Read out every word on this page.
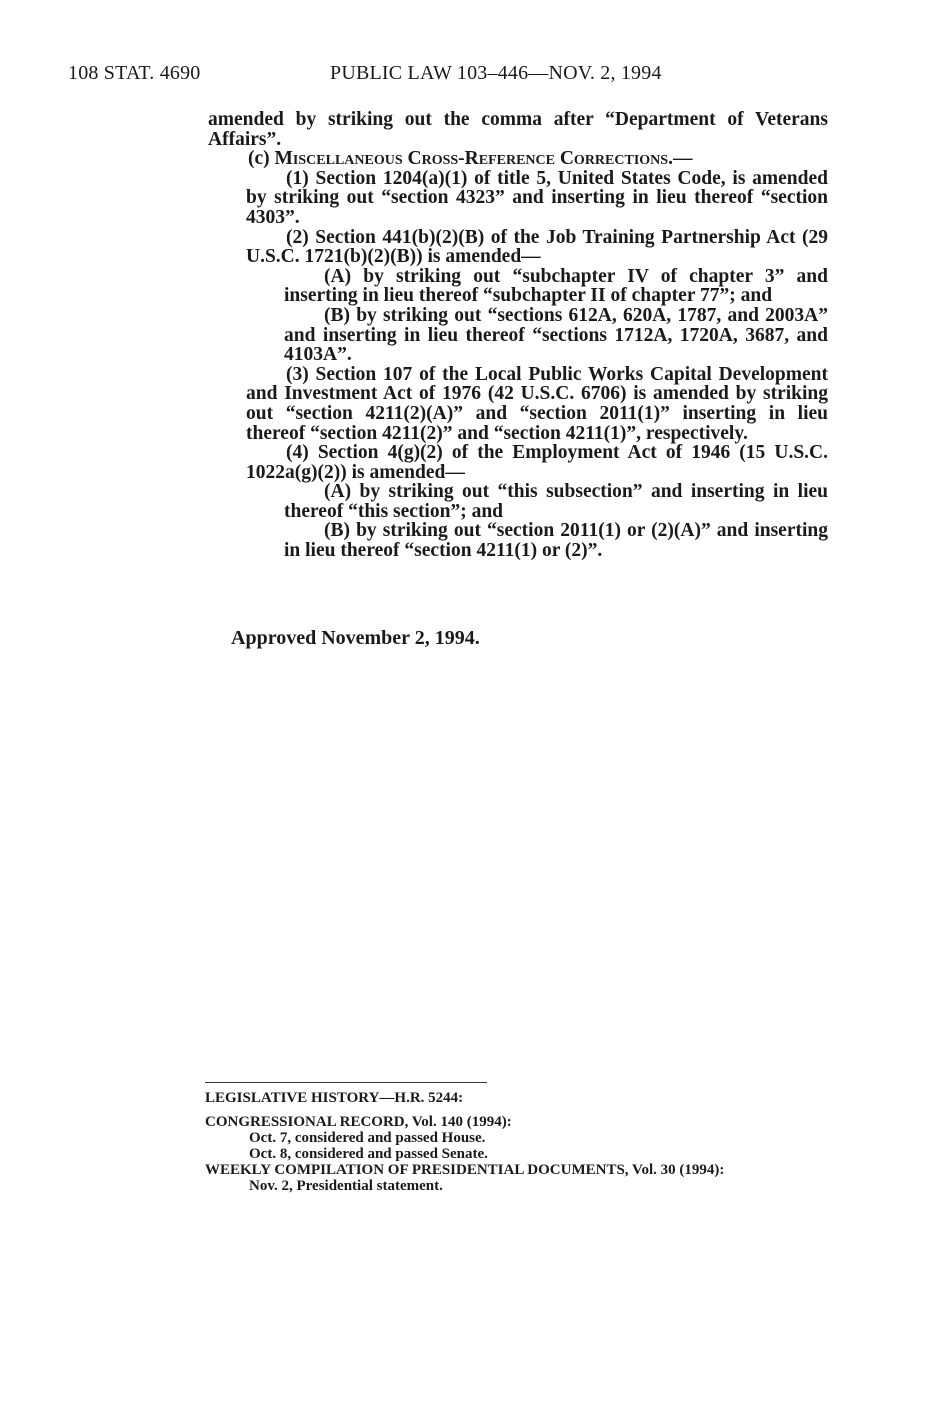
108 STAT. 4690	PUBLIC LAW 103–446—NOV. 2, 1994

amended by striking out the comma after “Department of Veterans Affairs”.

(c) Miscellaneous Cross-Reference Corrections.—

(1) Section 1204(a)(1) of title 5, United States Code, is amended by striking out “section 4323” and inserting in lieu thereof “section 4303”.

(2) Section 441(b)(2)(B) of the Job Training Partnership Act (29 U.S.C. 1721(b)(2)(B)) is amended—

(A) by striking out “subchapter IV of chapter 3” and inserting in lieu thereof “subchapter II of chapter 77”; and

(B) by striking out “sections 612A, 620A, 1787, and 2003A” and inserting in lieu thereof “sections 1712A, 1720A, 3687, and 4103A”.

(3) Section 107 of the Local Public Works Capital Development and Investment Act of 1976 (42 U.S.C. 6706) is amended by striking out “section 4211(2)(A)” and “section 2011(1)” inserting in lieu thereof “section 4211(2)” and “section 4211(1)”, respectively.

(4) Section 4(g)(2) of the Employment Act of 1946 (15 U.S.C. 1022a(g)(2)) is amended—

(A) by striking out “this subsection” and inserting in lieu thereof “this section”; and

(B) by striking out “section 2011(1) or (2)(A)” and inserting in lieu thereof “section 4211(1) or (2)”.

Approved November 2, 1994.

LEGISLATIVE HISTORY—H.R. 5244:

CONGRESSIONAL RECORD, Vol. 140 (1994):

Oct. 7, considered and passed House.

Oct. 8, considered and passed Senate.

WEEKLY COMPILATION OF PRESIDENTIAL DOCUMENTS, Vol. 30 (1994):

Nov. 2, Presidential statement.
